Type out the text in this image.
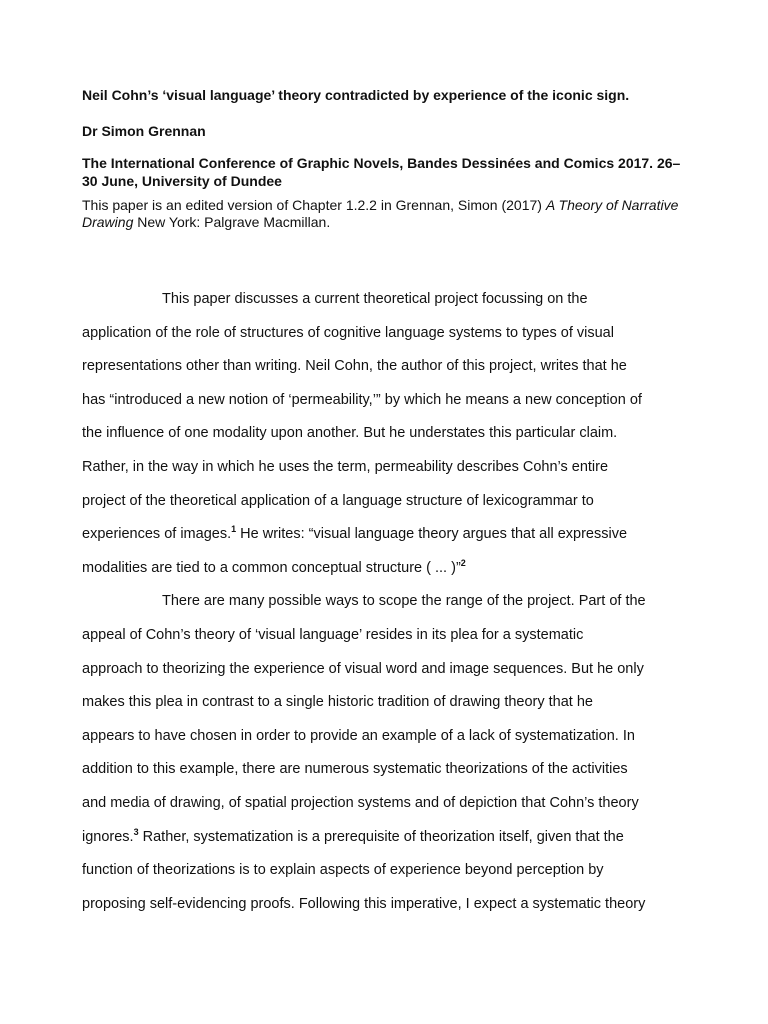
Neil Cohn’s ‘visual language’ theory contradicted by experience of the iconic sign.

Dr Simon Grennan

The International Conference of Graphic Novels, Bandes Dessinées and Comics 2017. 26–30 June, University of Dundee

This paper is an edited version of Chapter 1.2.2 in Grennan, Simon (2017) A Theory of Narrative Drawing New York: Palgrave Macmillan.

This paper discusses a current theoretical project focussing on the
application of the role of structures of cognitive language systems to types of visual
representations other than writing. Neil Cohn, the author of this project, writes that he
has “introduced a new notion of ‘permeability,’” by which he means a new conception of
the influence of one modality upon another. But he understates this particular claim.
Rather, in the way in which he uses the term, permeability describes Cohn’s entire
project of the theoretical application of a language structure of lexicogrammar to
experiences of images.$^1$ He writes: “visual language theory argues that all expressive
modalities are tied to a common conceptual structure ( ... )”$^2$
There are many possible ways to scope the range of the project. Part of the
appeal of Cohn’s theory of ‘visual language’ resides in its plea for a systematic
approach to theorizing the experience of visual word and image sequences. But he only
makes this plea in contrast to a single historic tradition of drawing theory that he
appears to have chosen in order to provide an example of a lack of systematization. In
addition to this example, there are numerous systematic theorizations of the activities
and media of drawing, of spatial projection systems and of depiction that Cohn’s theory
ignores.$^3$ Rather, systematization is a prerequisite of theorization itself, given that the
function of theorizations is to explain aspects of experience beyond perception by
proposing self-evidencing proofs. Following this imperative, I expect a systematic theory
